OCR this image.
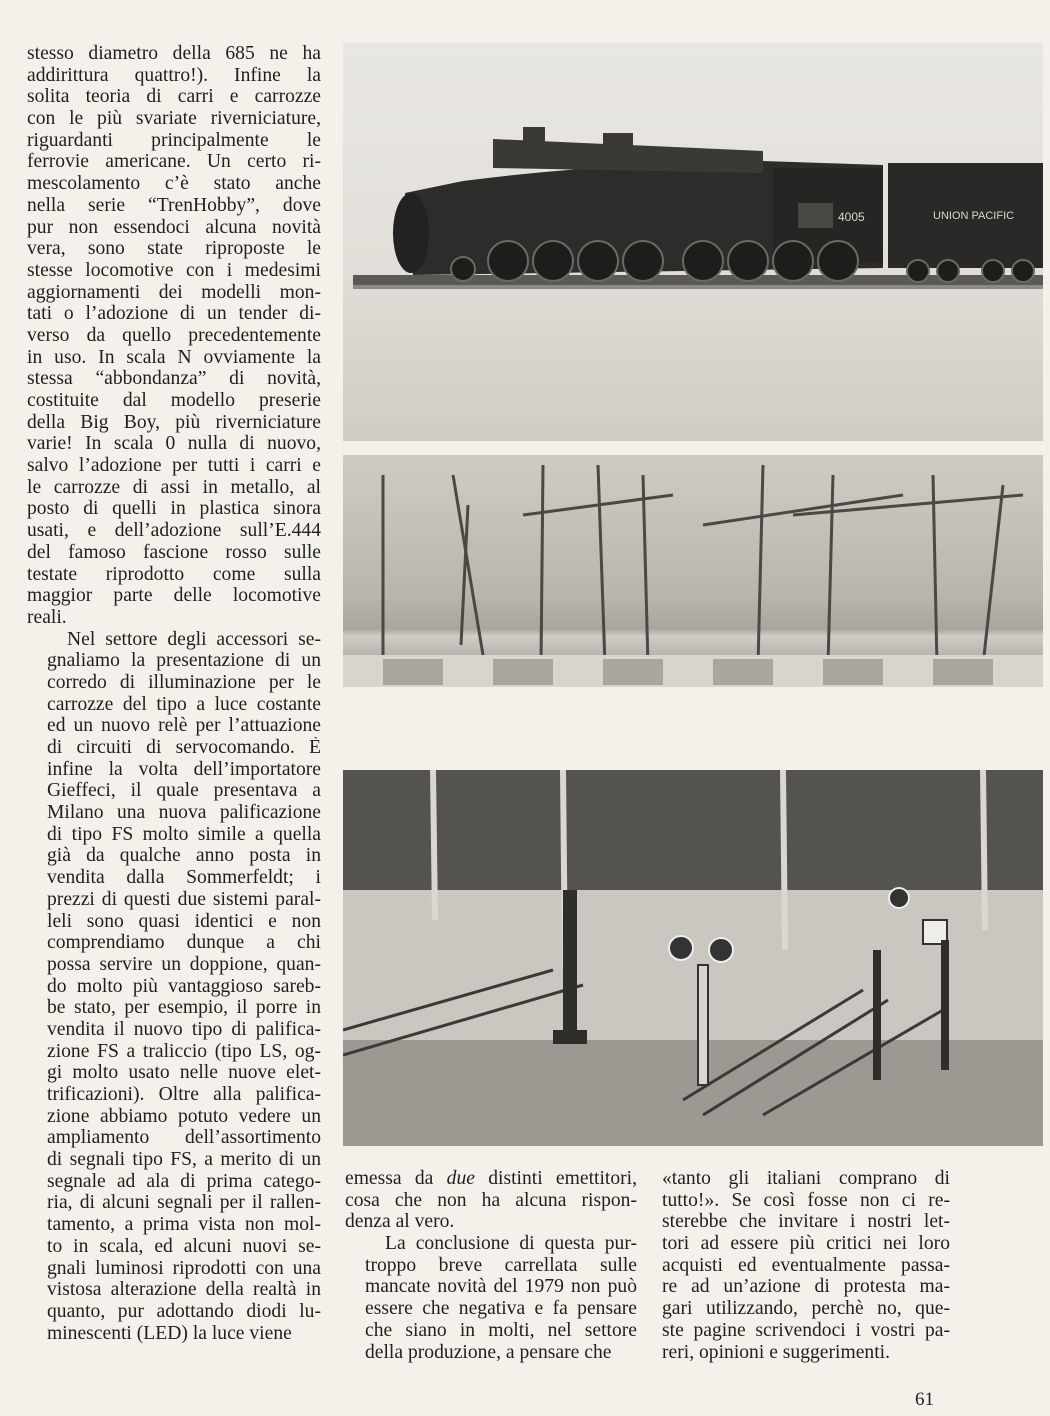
stesso diametro della 685 ne ha
addirittura quattro!). Infine la
solita teoria di carri e carrozze
con le più svariate riverniciature,
riguardanti principalmente le
ferrovie americane. Un certo ri-
mescolamento c’è stato anche
nella serie “TrenHobby”, dove
pur non essendoci alcuna novità
vera, sono state riproposte le
stesse locomotive con i medesimi
aggiornamenti dei modelli mon-
tati o l’adozione di un tender di-
verso da quello precedentemente
in uso. In scala N ovviamente la
stessa “abbondanza” di novità,
costituite dal modello preserie
della Big Boy, più riverniciature
varie! In scala 0 nulla di nuovo,
salvo l’adozione per tutti i carri e
le carrozze di assi in metallo, al
posto di quelli in plastica sinora
usati, e dell’adozione sull’E.444
del famoso fascione rosso sulle
testate riprodotto come sulla
maggior parte delle locomotive
reali.

Nel settore degli accessori se-
gnaliamo la presentazione di un
corredo di illuminazione per le
carrozze del tipo a luce costante
ed un nuovo relè per l’attuazione
di circuiti di servocomando. È
infine la volta dell’importatore
Gieffeci, il quale presentava a
Milano una nuova palificazione
di tipo FS molto simile a quella
già da qualche anno posta in
vendita dalla Sommerfeldt; i
prezzi di questi due sistemi paral-
leli sono quasi identici e non
comprendiamo dunque a chi
possa servire un doppione, quan-
do molto più vantaggioso sareb-
be stato, per esempio, il porre in
vendita il nuovo tipo di palifica-
zione FS a traliccio (tipo LS, og-
gi molto usato nelle nuove elet-
trificazioni). Oltre alla palifica-
zione abbiamo potuto vedere un
ampliamento dell’assortimento
di segnali tipo FS, a merito di un
segnale ad ala di prima catego-
ria, di alcuni segnali per il rallen-
tamento, a prima vista non mol-
to in scala, ed alcuni nuovi se-
gnali luminosi riprodotti con una
vistosa alterazione della realtà in
quanto, pur adottando diodi lu-
minescenti (LED) la luce viene

4005	UNION PACIFIC

emessa da due distinti emettitori,
cosa che non ha alcuna rispon-
denza al vero.

La conclusione di questa pur-
troppo breve carrellata sulle
mancate novità del 1979 non può
essere che negativa e fa pensare
che siano in molti, nel settore
della produzione, a pensare che

«tanto gli italiani comprano di
tutto!». Se così fosse non ci re-
sterebbe che invitare i nostri let-
tori ad essere più critici nei loro
acquisti ed eventualmente passa-
re ad un’azione di protesta ma-
gari utilizzando, perchè no, que-
ste pagine scrivendoci i vostri pa-
reri, opinioni e suggerimenti.

61
